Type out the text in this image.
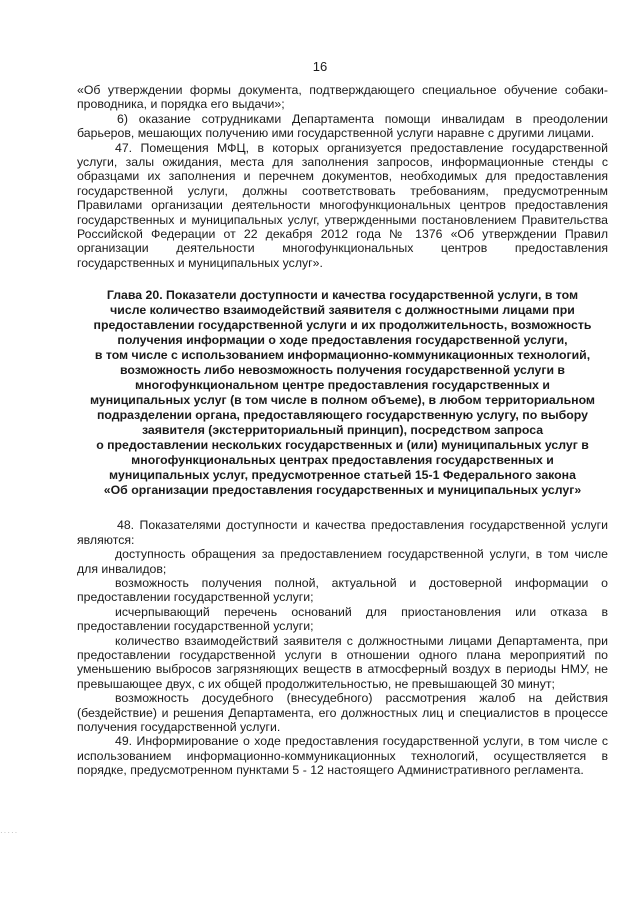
16

«Об утверждении формы документа, подтверждающего специальное обучение собаки-проводника, и порядка его выдачи»;

6) оказание сотрудниками Департамента помощи инвалидам в преодолении барьеров, мешающих получению ими государственной услуги наравне с другими лицами.

47. Помещения МФЦ, в которых организуется предоставление государственной услуги, залы ожидания, места для заполнения запросов, информационные стенды с образцами их заполнения и перечнем документов, необходимых для предоставления государственной услуги, должны соответствовать требованиям, предусмотренным Правилами организации деятельности многофункциональных центров предоставления государственных и муниципальных услуг, утвержденными постановлением Правительства Российской Федерации от 22 декабря 2012 года № 1376 «Об утверждении Правил организации деятельности многофункциональных центров предоставления государственных и муниципальных услуг».

Глава 20. Показатели доступности и качества государственной услуги, в том
числе количество взаимодействий заявителя с должностными лицами при
предоставлении государственной услуги и их продолжительность, возможность
получения информации о ходе предоставления государственной услуги,
в том числе с использованием информационно-коммуникационных технологий,
возможность либо невозможность получения государственной услуги в
многофункциональном центре предоставления государственных и
муниципальных услуг (в том числе в полном объеме), в любом территориальном
подразделении органа, предоставляющего государственную услугу, по выбору
заявителя (экстерриториальный принцип), посредством запроса
о предоставлении нескольких государственных и (или) муниципальных услуг в
многофункциональных центрах предоставления государственных и
муниципальных услуг, предусмотренное статьей 15-1 Федерального закона
«Об организации предоставления государственных и муниципальных услуг»

48. Показателями доступности и качества предоставления государственной услуги являются:

доступность обращения за предоставлением государственной услуги, в том числе для инвалидов;

возможность получения полной, актуальной и достоверной информации о предоставлении государственной услуги;

исчерпывающий перечень оснований для приостановления или отказа в предоставлении государственной услуги;

количество взаимодействий заявителя с должностными лицами Департамента, при предоставлении государственной услуги в отношении одного плана мероприятий по уменьшению выбросов загрязняющих веществ в атмосферный воздух в периоды НМУ, не превышающее двух, с их общей продолжительностью, не превышающей 30 минут;

возможность досудебного (внесудебного) рассмотрения жалоб на действия (бездействие) и решения Департамента, его должностных лиц и специалистов в процессе получения государственной услуги.

49. Информирование о ходе предоставления государственной услуги, в том числе с использованием информационно-коммуникационных технологий, осуществляется в порядке, предусмотренном пунктами 5 - 12 настоящего Административного регламента.

·····
